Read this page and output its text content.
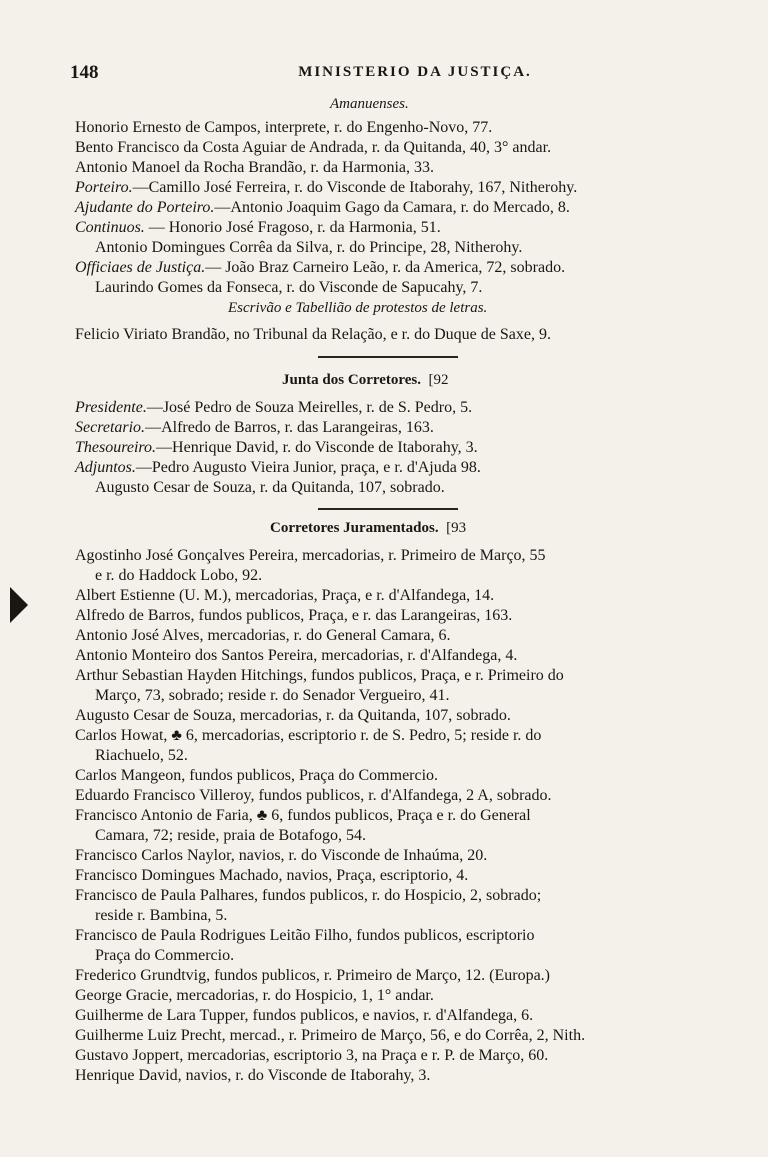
148	MINISTERIO DA JUSTIÇA.
Amanuenses.
Honorio Ernesto de Campos, interprete, r. do Engenho-Novo, 77.
Bento Francisco da Costa Aguiar de Andrada, r. da Quitanda, 40, 3° andar.
Antonio Manoel da Rocha Brandão, r. da Harmonia, 33.
Porteiro.—Camillo José Ferreira, r. do Visconde de Itaborahy, 167, Nitherohy.
Ajudante do Porteiro.—Antonio Joaquim Gago da Camara, r. do Mercado, 8.
Continuos. — Honorio José Fragoso, r. da Harmonia, 51.
Antonio Domingues Corrêa da Silva, r. do Principe, 28, Nitherohy.
Officiaes de Justiça.— João Braz Carneiro Leão, r. da America, 72, sobrado.
Laurindo Gomes da Fonseca, r. do Visconde de Sapucahy, 7.
Escrivão e Tabellião de protestos de letras.
Felicio Viriato Brandão, no Tribunal da Relação, e r. do Duque de Saxe, 9.
Junta dos Corretores. [92
Presidente.—José Pedro de Souza Meirelles, r. de S. Pedro, 5.
Secretario.—Alfredo de Barros, r. das Larangeiras, 163.
Thesoureiro.—Henrique David, r. do Visconde de Itaborahy, 3.
Adjuntos.—Pedro Augusto Vieira Junior, praça, e r. d'Ajuda 98.
Augusto Cesar de Souza, r. da Quitanda, 107, sobrado.
Corretores Juramentados. [93
Agostinho José Gonçalves Pereira, mercadorias, r. Primeiro de Março, 55
e r. do Haddock Lobo, 92.
Albert Estienne (U. M.), mercadorias, Praça, e r. d'Alfandega, 14.
Alfredo de Barros, fundos publicos, Praça, e r. das Larangeiras, 163.
Antonio José Alves, mercadorias, r. do General Camara, 6.
Antonio Monteiro dos Santos Pereira, mercadorias, r. d'Alfandega, 4.
Arthur Sebastian Hayden Hitchings, fundos publicos, Praça, e r. Primeiro do
Março, 73, sobrado; reside r. do Senador Vergueiro, 41.
Augusto Cesar de Souza, mercadorias, r. da Quitanda, 107, sobrado.
Carlos Howat, ♣ 6, mercadorias, escriptorio r. de S. Pedro, 5; reside r. do
Riachuelo, 52.
Carlos Mangeon, fundos publicos, Praça do Commercio.
Eduardo Francisco Villeroy, fundos publicos, r. d'Alfandega, 2 A, sobrado.
Francisco Antonio de Faria, ♣ 6, fundos publicos, Praça e r. do General
Camara, 72; reside, praia de Botafogo, 54.
Francisco Carlos Naylor, navios, r. do Visconde de Inhaúma, 20.
Francisco Domingues Machado, navios, Praça, escriptorio, 4.
Francisco de Paula Palhares, fundos publicos, r. do Hospicio, 2, sobrado;
reside r. Bambina, 5.
Francisco de Paula Rodrigues Leitão Filho, fundos publicos, escriptorio
Praça do Commercio.
Frederico Grundtvig, fundos publicos, r. Primeiro de Março, 12. (Europa.)
George Gracie, mercadorias, r. do Hospicio, 1, 1° andar.
Guilherme de Lara Tupper, fundos publicos, e navios, r. d'Alfandega, 6.
Guilherme Luiz Precht, mercad., r. Primeiro de Março, 56, e do Corrêa, 2, Nith.
Gustavo Joppert, mercadorias, escriptorio 3, na Praça e r. P. de Março, 60.
Henrique David, navios, r. do Visconde de Itaborahy, 3.
